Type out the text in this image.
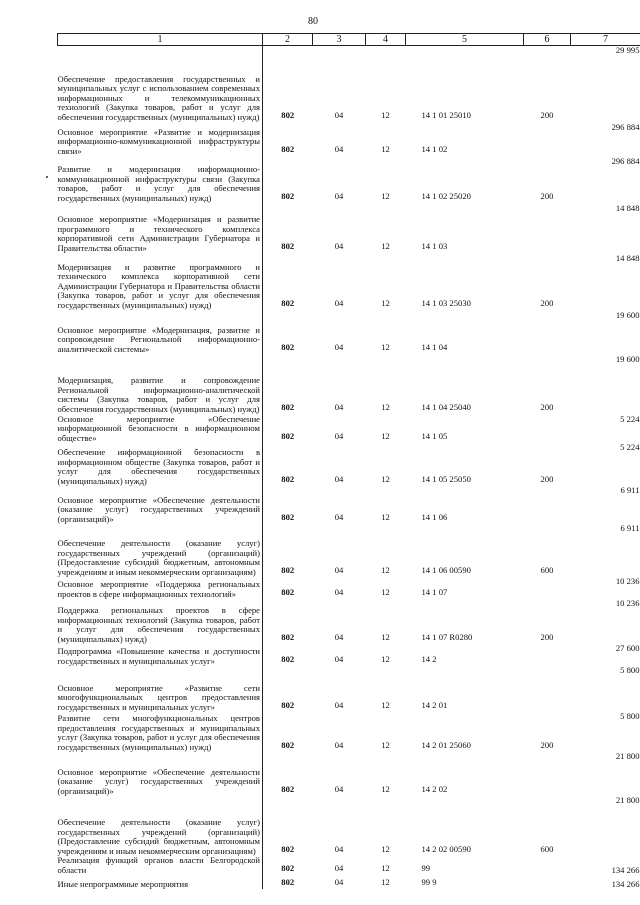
80
1	2	3	4	5	6	7
Обеспечение предоставления государственных и муниципальных услуг с использованием современных информационных и телекоммуникационных технологий (Закупка товаров, работ и услуг для обеспечения государственных (муниципальных) нужд)	802	04	12	14 1 01 25010	200	29 995
Основное мероприятие «Развитие и модернизация информационно-коммуникационной инфраструктуры связи»	802	04	12	14 1 02		296 884
Развитие и модернизация информационно-коммуникационной инфраструктуры связи (Закупка товаров, работ и услуг для обеспечения государственных (муниципальных) нужд)	802	04	12	14 1 02 25020	200	296 884
Основное мероприятие «Модернизация и развитие программного и технического комплекса корпоративной сети Администрации Губернатора и Правительства области»	802	04	12	14 1 03		14 848
Модернизация и развитие программного и технического комплекса корпоративной сети Администрации Губернатора и Правительства области (Закупка товаров, работ и услуг для обеспечения государственных (муниципальных) нужд)	802	04	12	14 1 03 25030	200	14 848
Основное мероприятие «Модернизация, развитие и сопровождение Региональной информационно-аналитической системы»	802	04	12	14 1 04		19 600
Модернизация, развитие и сопровождение Региональной информационно-аналитической системы (Закупка товаров, работ и услуг для обеспечения государственных (муниципальных) нужд)	802	04	12	14 1 04 25040	200	19 600
Основное мероприятие «Обеспечение информационной безопасности в информационном обществе»	802	04	12	14 1 05		5 224
Обеспечение информационной безопасности в информационном обществе (Закупка товаров, работ и услуг для обеспечения государственных (муниципальных) нужд)	802	04	12	14 1 05 25050	200	5 224
Основное мероприятие «Обеспечение деятельности (оказание услуг) государственных учреждений (организаций)»	802	04	12	14 1 06		6 911
Обеспечение деятельности (оказание услуг) государственных учреждений (организаций) (Предоставление субсидий бюджетным, автономным учреждениям и иным некоммерческим организациям)	802	04	12	14 1 06 00590	600	6 911
Основное мероприятие «Поддержка региональных проектов в сфере информационных технологий»	802	04	12	14 1 07		10 236
Поддержка региональных проектов в сфере информационных технологий (Закупка товаров, работ и услуг для обеспечения государственных (муниципальных) нужд)	802	04	12	14 1 07 R0280	200	10 236
Подпрограмма «Повышение качества и доступности государственных и муниципальных услуг»	802	04	12	14 2		27 600
Основное мероприятие «Развитие сети многофункциональных центров предоставления государственных и муниципальных услуг»	802	04	12	14 2 01		5 800
Развитие сети многофункциональных центров предоставления государственных и муниципальных услуг (Закупка товаров, работ и услуг для обеспечения государственных (муниципальных) нужд)	802	04	12	14 2 01 25060	200	5 800
Основное мероприятие «Обеспечение деятельности (оказание услуг) государственных учреждений (организаций)»	802	04	12	14 2 02		21 800
Обеспечение деятельности (оказание услуг) государственных учреждений (организаций) (Предоставление субсидий бюджетным, автономным учреждениям и иным некоммерческим организациям)	802	04	12	14 2 02 00590	600	21 800
Реализация функций органов власти Белгородской области	802	04	12	99		134 266
Иные непрограммные мероприятия	802	04	12	99 9		134 266
